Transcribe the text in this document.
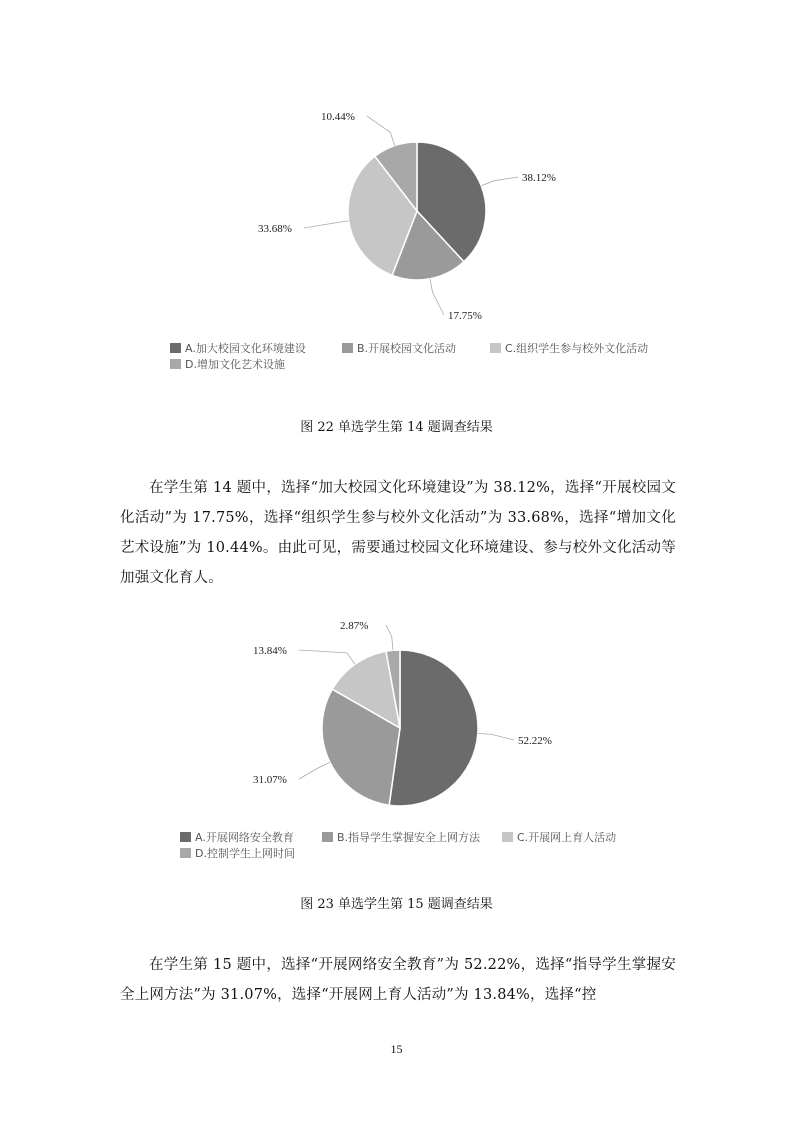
38.12%
17.75%
33.68%
10.44%
A.加大校园文化环境建设	B.开展校园文化活动	C.组织学生参与校外文化活动
D.增加文化艺术设施
图 22 单选学生第 14 题调查结果

在学生第 14 题中，选择“加大校园文化环境建设”为 38.12%，选择“开展校园文化活动”为 17.75%，选择“组织学生参与校外文化活动”为 33.68%，选择“增加文化艺术设施”为 10.44%。由此可见，需要通过校园文化环境建设、参与校外文化活动等加强文化育人。

52.22%
31.07%
13.84%
2.87%
A.开展网络安全教育	B.指导学生掌握安全上网方法	C.开展网上育人活动
D.控制学生上网时间
图 23 单选学生第 15 题调查结果

在学生第 15 题中，选择“开展网络安全教育”为 52.22%，选择“指导学生掌握安全上网方法”为 31.07%，选择“开展网上育人活动”为 13.84%，选择“控

15
